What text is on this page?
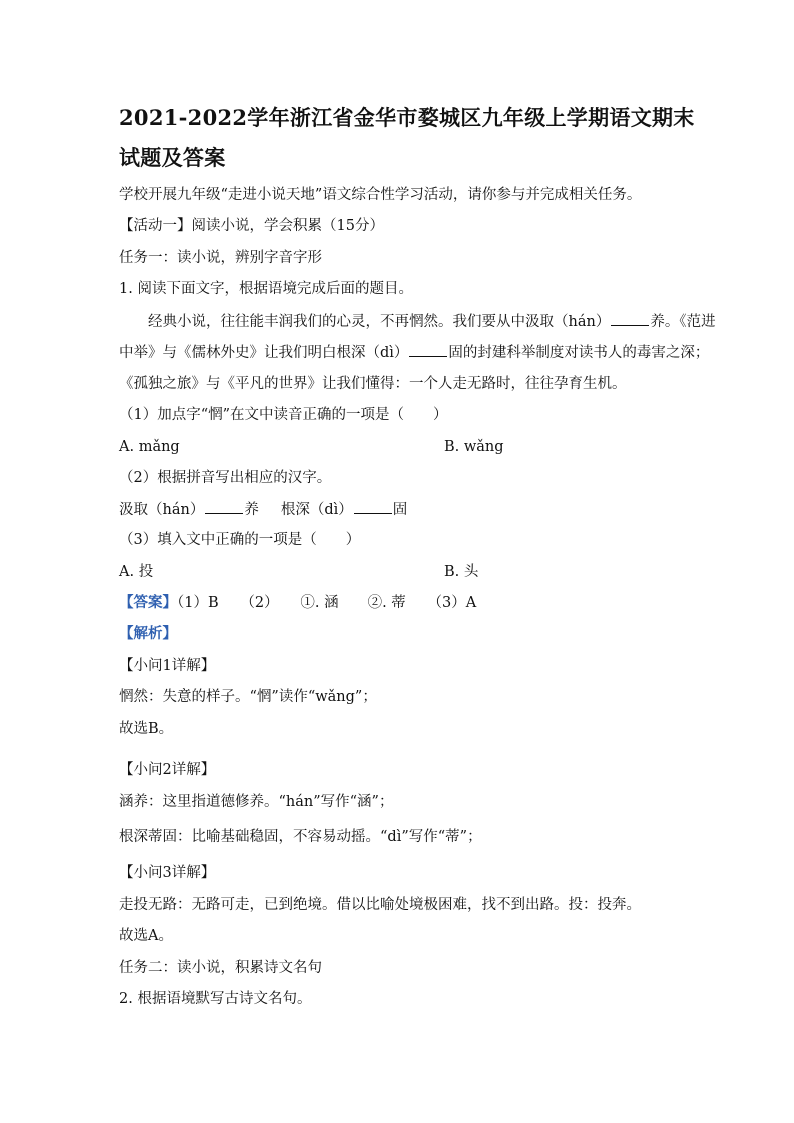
2021-2022学年浙江省金华市婺城区九年级上学期语文期末
试题及答案
学校开展九年级“走进小说天地”语文综合性学习活动，请你参与并完成相关任务。
【活动一】阅读小说，学会积累（15分）
任务一：读小说，辨别字音字形
1. 阅读下面文字，根据语境完成后面的题目。
经典小说，往往能丰润我们的心灵，不再惘然。我们要从中汲取（hán）	养。《范进
中举》与《儒林外史》让我们明白根深（dì）	固的封建科举制度对读书人的毒害之深；
《孤独之旅》与《平凡的世界》让我们懂得：一个人走无路时，往往孕育生机。
（1）加点字“惘”在文中读音正确的一项是（　　）
A. mǎng	B. wǎng
（2）根据拼音写出相应的汉字。
汲取（hán）	养 根深（dì）	固
（3）填入文中正确的一项是（　　）
A. 投	B. 头
【答案】（1）B　　（2）　　①. 涵　　②. 蒂　　（3）A
【解析】
【小问1详解】
惘然：失意的样子。“惘”读作“wǎng”；
故选B。
【小问2详解】
涵养：这里指道德修养。“hán”写作“涵”；
根深蒂固：比喻基础稳固，不容易动摇。“dì”写作“蒂”；
【小问3详解】
走投无路：无路可走，已到绝境。借以比喻处境极困难，找不到出路。投：投奔。
故选A。
任务二：读小说，积累诗文名句
2. 根据语境默写古诗文名句。
